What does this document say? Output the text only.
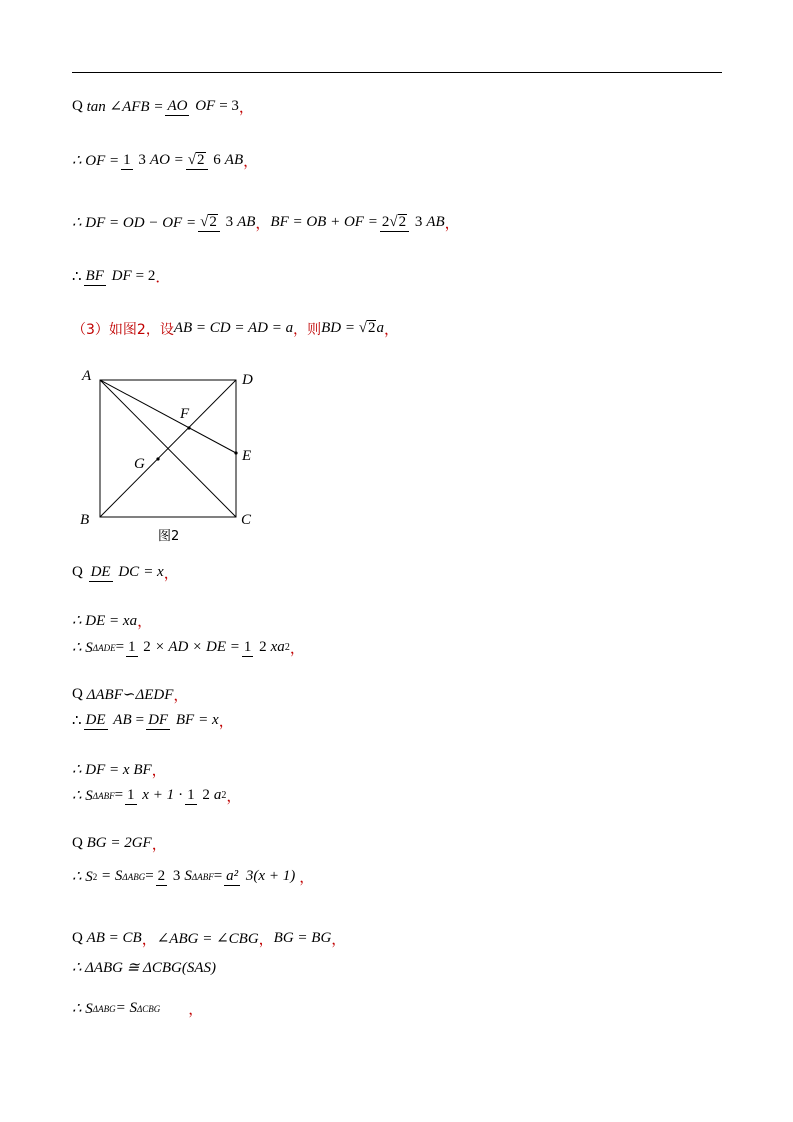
Q
tan ∠AFB = AO OF = 3 ，
∴ OF = 1 3 AO = √2 6 AB ，
∴ DF = OD − OF = √2 3 AB ， BF = OB + OF = 2√2 3 AB ，
∴ BF DF = 2 ．
（3）如图2，设 AB = CD = AD = a ，则 BD =
√2 a ，
A	D
F
E
G
B	C
图2
Q
DE DC = x ，
∴ DE = xa ，
∴ S ΔADE = 1 2 × AD × DE = 1 2 xa 2 ，
Q
ΔABF∽ΔEDF ，
∴ DE AB = DF BF = x ，
∴ DF = x BF ，
∴ S ΔABF = 1 x + 1 · 1 2 a 2 ，
Q
BG = 2GF ，
∴ S 2
= S ΔABG = 2 3 S ΔABF = a² 3(x + 1) ，
Q
AB = CB ， ∠ABG = ∠CBG ， BG = BG ，
∴ ΔABG ≅ ΔCBG(SAS)
∴ S ΔABG = S ΔCBG ，
